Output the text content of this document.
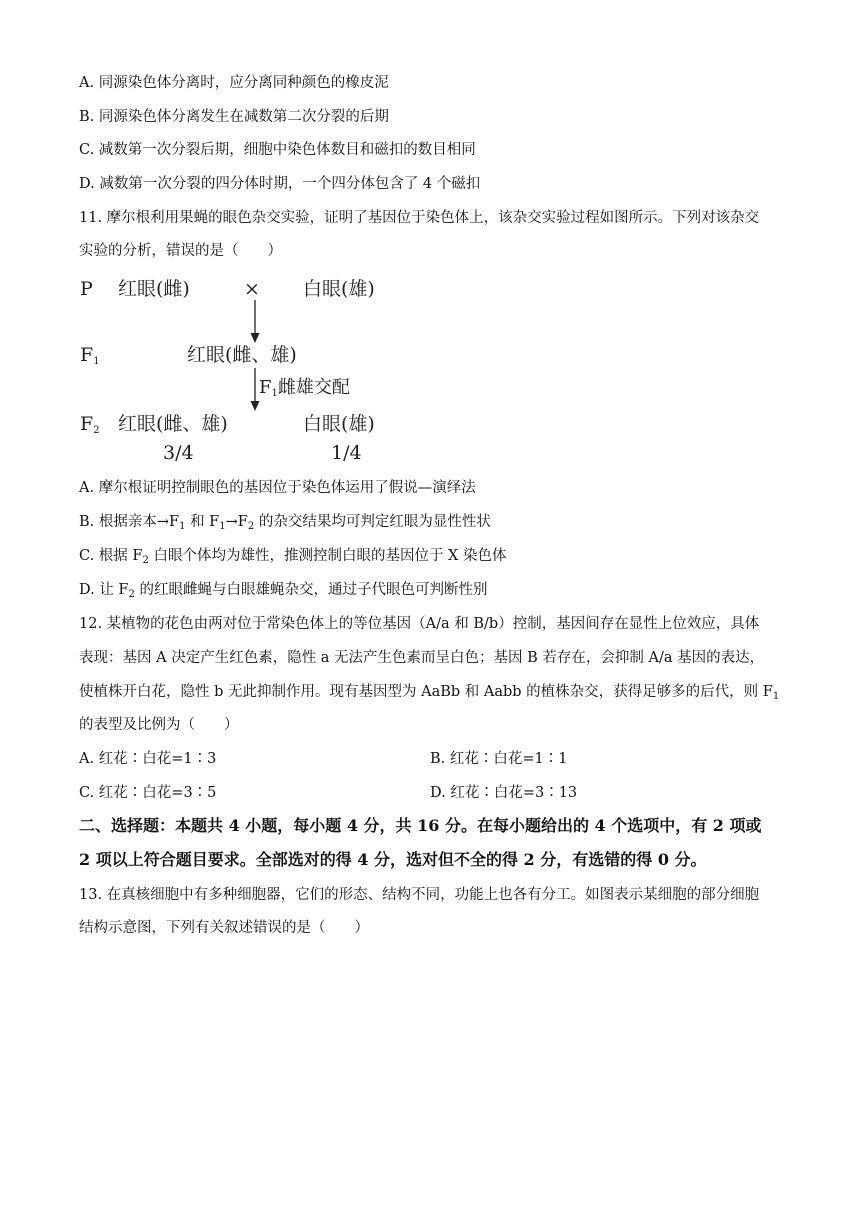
A. 同源染色体分离时，应分离同种颜色的橡皮泥
B. 同源染色体分离发生在减数第二次分裂的后期
C. 减数第一次分裂后期，细胞中染色体数目和磁扣的数目相同
D. 减数第一次分裂的四分体时期，一个四分体包含了 4 个磁扣
11. 摩尔根利用果蝇的眼色杂交实验，证明了基因位于染色体上，该杂交实验过程如图所示。下列对该杂交
实验的分析，错误的是（　　）
P 红眼(雌)	× 白眼(雄)
$F_1$	红眼(雌、雄)
$F_1$雌雄交配
$F_2$ 红眼(雌、雄)	白眼(雄)
3/4	1/4
A. 摩尔根证明控制眼色的基因位于染色体运用了假说—演绎法
B. 根据亲本$\to F_1$ 和 $F_1\to F_2$ 的杂交结果均可判定红眼为显性性状
C. 根据 $F_2$ 白眼个体均为雄性，推测控制白眼的基因位于 X 染色体
D. 让 $F_2$ 的红眼雌蝇与白眼雄蝇杂交，通过子代眼色可判断性别
12. 某植物的花色由两对位于常染色体上的等位基因（A/a 和 B/b）控制，基因间存在显性上位效应，具体
表现：基因 A 决定产生红色素，隐性 a 无法产生色素而呈白色；基因 B 若存在，会抑制 A/a 基因的表达，
使植株开白花，隐性 b 无此抑制作用。现有基因型为 AaBb 和 Aabb 的植株杂交，获得足够多的后代，则 $F_1$
的表型及比例为（　　）
A. 红花∶白花=1∶3	B. 红花∶白花=1∶1
C. 红花∶白花=3∶5	D. 红花∶白花=3∶13
二、选择题：本题共 4 小题，每小题 4 分，共 16 分。在每小题给出的 4 个选项中，有 2 项或
2 项以上符合题目要求。全部选对的得 4 分，选对但不全的得 2 分，有选错的得 0 分。
13. 在真核细胞中有多种细胞器，它们的形态、结构不同，功能上也各有分工。如图表示某细胞的部分细胞
结构示意图，下列有关叙述错误的是（　　）
